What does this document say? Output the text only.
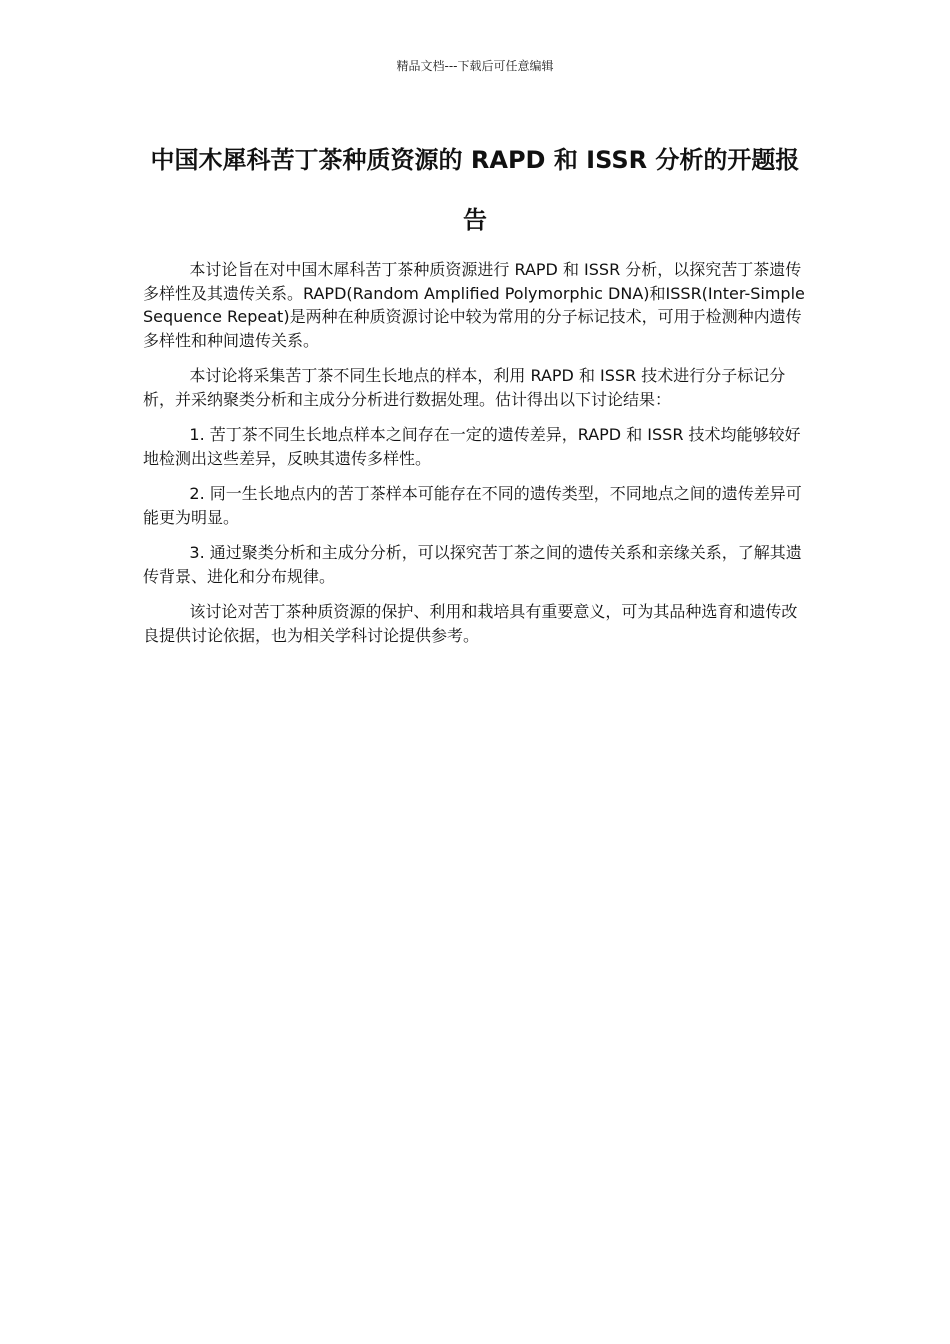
精品文档---下载后可任意编辑
中国木犀科苦丁茶种质资源的 RAPD 和 ISSR 分析的开题报告

本讨论旨在对中国木犀科苦丁茶种质资源进行 RAPD 和 ISSR 分析，以探究苦丁茶遗传多样性及其遗传关系。RAPD(Random Amplified Polymorphic DNA)和ISSR(Inter-Simple Sequence Repeat)是两种在种质资源讨论中较为常用的分子标记技术，可用于检测种内遗传多样性和种间遗传关系。

本讨论将采集苦丁茶不同生长地点的样本，利用 RAPD 和 ISSR 技术进行分子标记分析，并采纳聚类分析和主成分分析进行数据处理。估计得出以下讨论结果：

1. 苦丁茶不同生长地点样本之间存在一定的遗传差异，RAPD 和 ISSR 技术均能够较好地检测出这些差异，反映其遗传多样性。

2. 同一生长地点内的苦丁茶样本可能存在不同的遗传类型，不同地点之间的遗传差异可能更为明显。

3. 通过聚类分析和主成分分析，可以探究苦丁茶之间的遗传关系和亲缘关系，了解其遗传背景、进化和分布规律。

该讨论对苦丁茶种质资源的保护、利用和栽培具有重要意义，可为其品种选育和遗传改良提供讨论依据，也为相关学科讨论提供参考。
